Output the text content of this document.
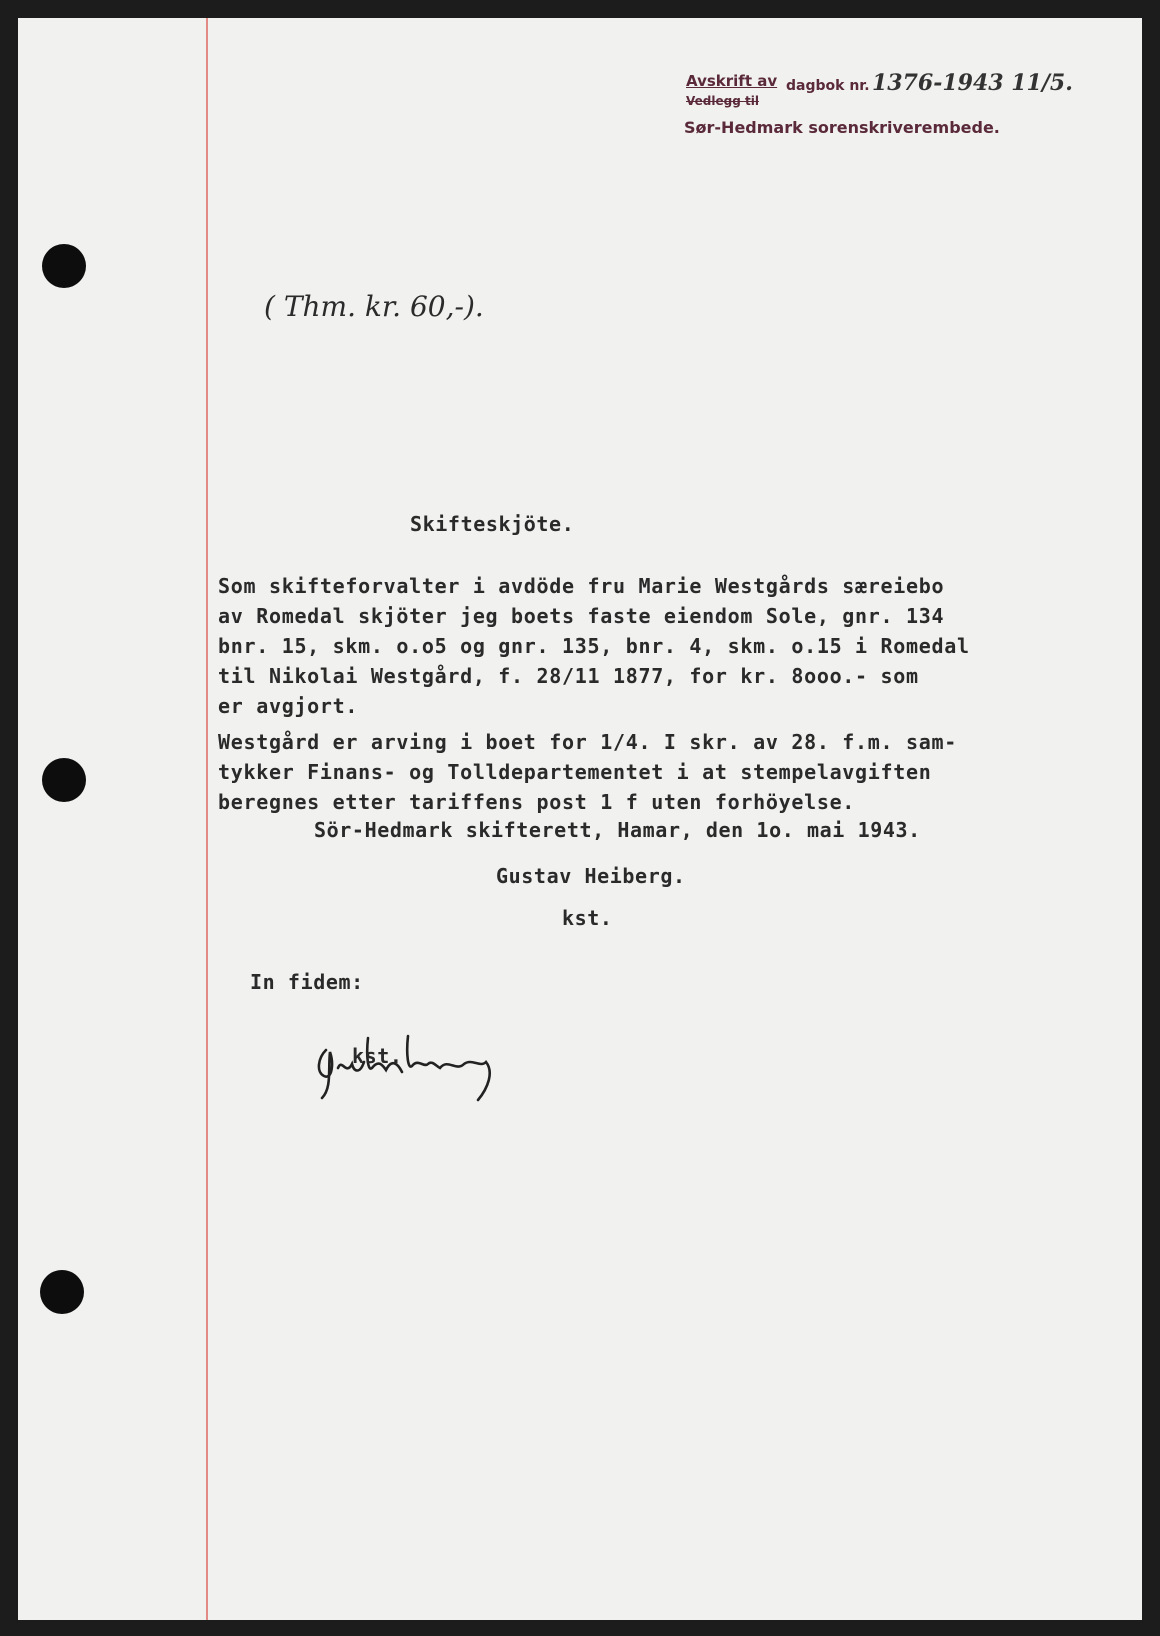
Avskrift av dagbok nr. 1376-1943 11/5.
Vedlegg til
Sør-Hedmark sorenskriverembede.
( Thm. kr. 60,-).
Skifteskjöte.
Som skifteforvalter i avdöde fru Marie Westgårds særeiebo
av Romedal skjöter jeg boets faste eiendom Sole, gnr. 134
bnr. 15, skm. o.o5 og gnr. 135, bnr. 4, skm. o.15 i Romedal
til Nikolai Westgård, f. 28/11 1877, for kr. 8ooo.- som
er avgjort.
Westgård er arving i boet for 1/4. I skr. av 28. f.m. sam-
tykker Finans- og Tolldepartementet i at stempelavgiften
beregnes etter tariffens post 1 f uten forhöyelse.
Sör-Hedmark skifterett, Hamar, den 1o. mai 1943.
Gustav Heiberg.
kst.
In fidem:
kst.
